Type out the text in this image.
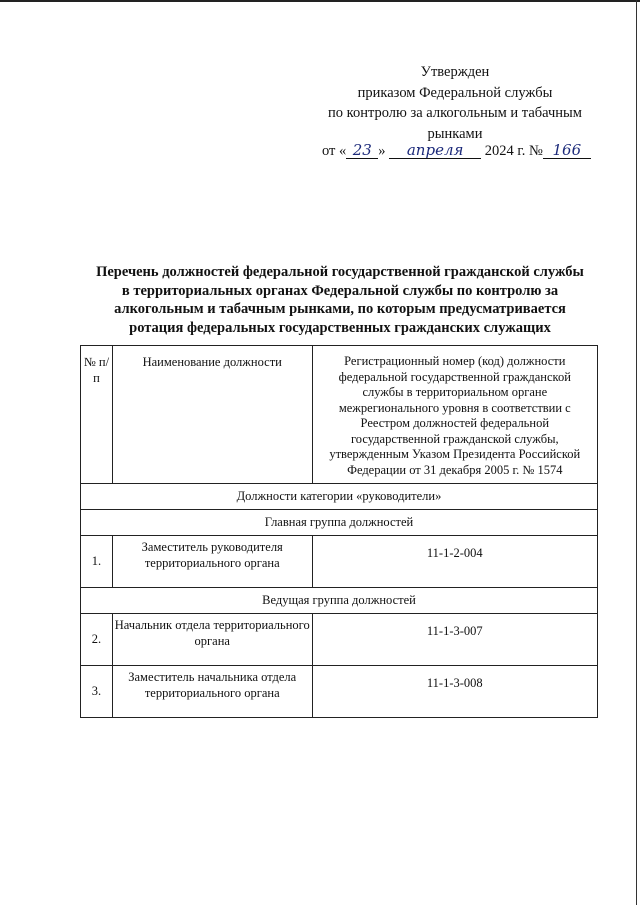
Утвержден
приказом Федеральной службы
по контролю за алкогольным и табачным
рынками
от « 23 » апреля 2024 г. № 166
Перечень должностей федеральной государственной гражданской службы
в территориальных органах Федеральной службы по контролю за
алкогольным и табачным рынками, по которым предусматривается
ротация федеральных государственных гражданских служащих
№ п/п	Наименование должности	Регистрационный номер (код) должности федеральной государственной гражданской службы в территориальном органе межрегионального уровня в соответствии с Реестром должностей федеральной государственной гражданской службы, утвержденным Указом Президента Российской Федерации от 31 декабря 2005 г. № 1574
Должности категории «руководители»		
Главная группа должностей		
1.	Заместитель руководителя территориального органа	11-1-2-004
Ведущая группа должностей		
2.	Начальник отдела территориального органа	11-1-3-007
3.	Заместитель начальника отдела территориального органа	11-1-3-008
